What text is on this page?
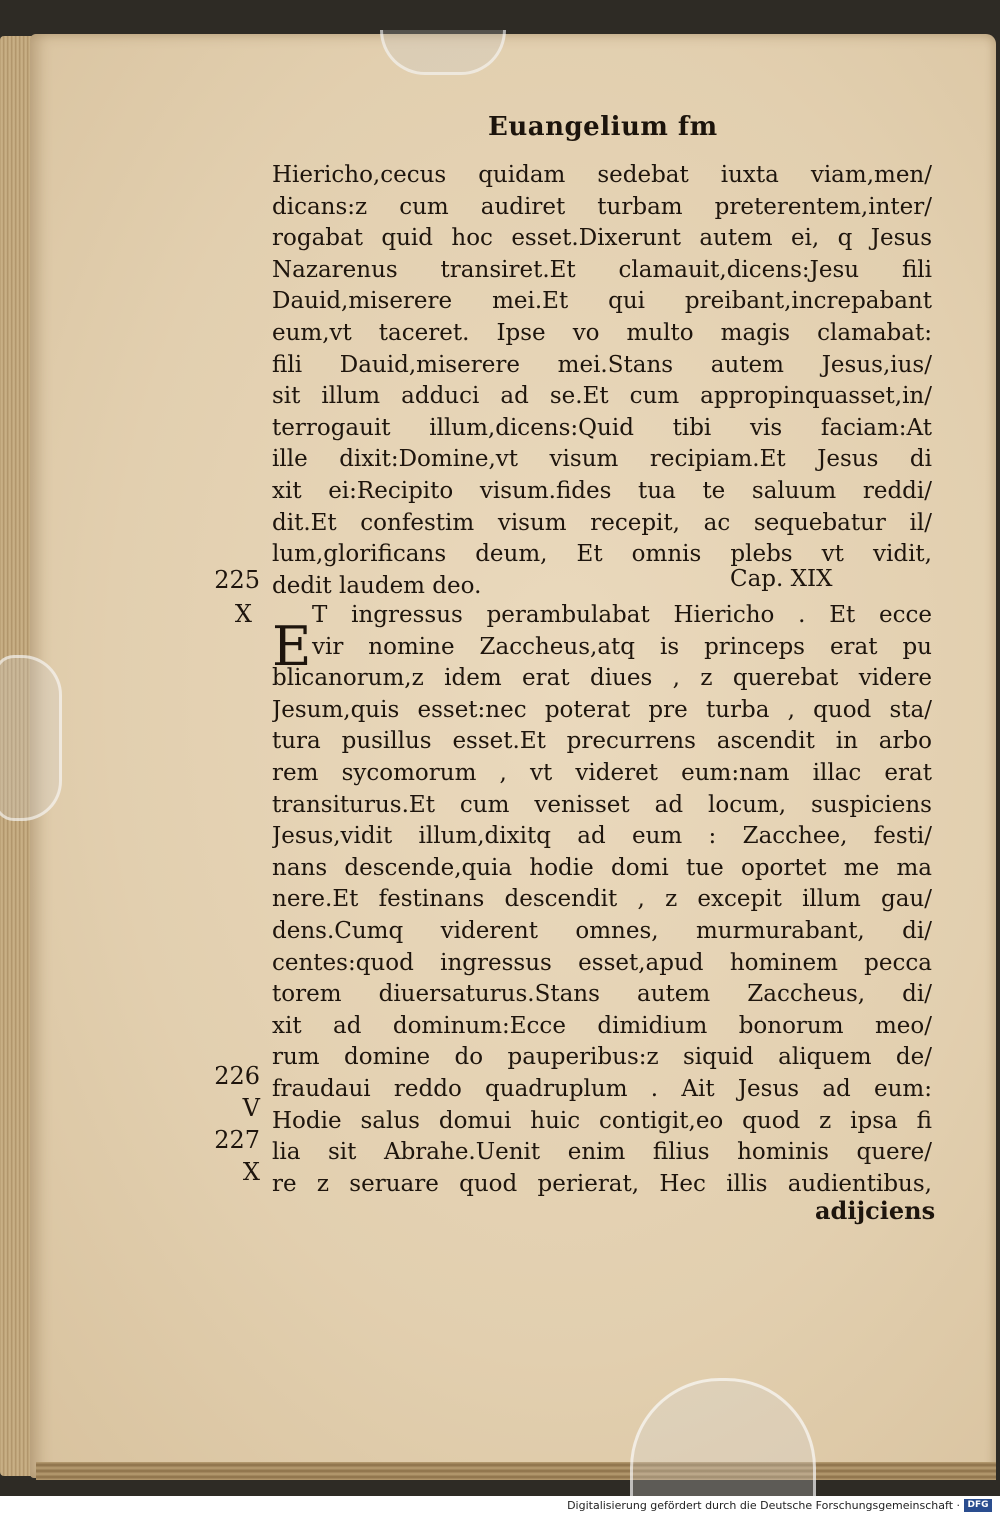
Euangelium fm
Hiericho,cecus quidam sedebat iuxta viam,men/
dicans:z cum audiret turbam preterentem,inter/
rogabat quid hoc esset.Dixerunt autem ei, q Jesus
Nazarenus transiret.Et clamauit,dicens:Jesu fili
Dauid,miserere mei.Et qui preibant,increpabant
eum,vt taceret. Ipse vo multo magis clamabat:
fili Dauid,miserere mei.Stans autem Jesus,ius/
sit illum adduci ad se.Et cum appropinquasset,in/
terrogauit illum,dicens:Quid tibi vis faciam:At
ille dixit:Domine,vt visum recipiam.Et Jesus di
xit ei:Recipito visum.fides tua te saluum reddi/
dit.Et confestim visum recepit, ac sequebatur il/
lum,glorificans deum, Et omnis plebs vt vidit,
dedit laudem deo.	Cap. XIX
E T ingressus perambulabat Hiericho . Et ecce
vir nomine Zaccheus,atq is princeps erat pu
blicanorum,z idem erat diues , z querebat videre
Jesum,quis esset:nec poterat pre turba , quod sta/
tura pusillus esset.Et precurrens ascendit in arbo
rem sycomorum , vt videret eum:nam illac erat
transiturus.Et cum venisset ad locum, suspiciens
Jesus,vidit illum,dixitq ad eum : Zacchee, festi/
nans descende,quia hodie domi tue oportet me ma
nere.Et festinans descendit , z excepit illum gau/
dens.Cumq viderent omnes, murmurabant, di/
centes:quod ingressus esset,apud hominem pecca
torem diuersaturus.Stans autem Zaccheus, di/
xit ad dominum:Ecce dimidium bonorum meo/
rum domine do pauperibus:z siquid aliquem de/
fraudaui reddo quadruplum . Ait Jesus ad eum:
Hodie salus domui huic contigit,eo quod z ipsa fi
lia sit Abrahe.Uenit enim filius hominis quere/
re z seruare quod perierat, Hec illis audientibus,
adijciens
225
X
226
V
227
X
Digitalisierung gefördert durch die Deutsche Forschungsgemeinschaft · DFG
